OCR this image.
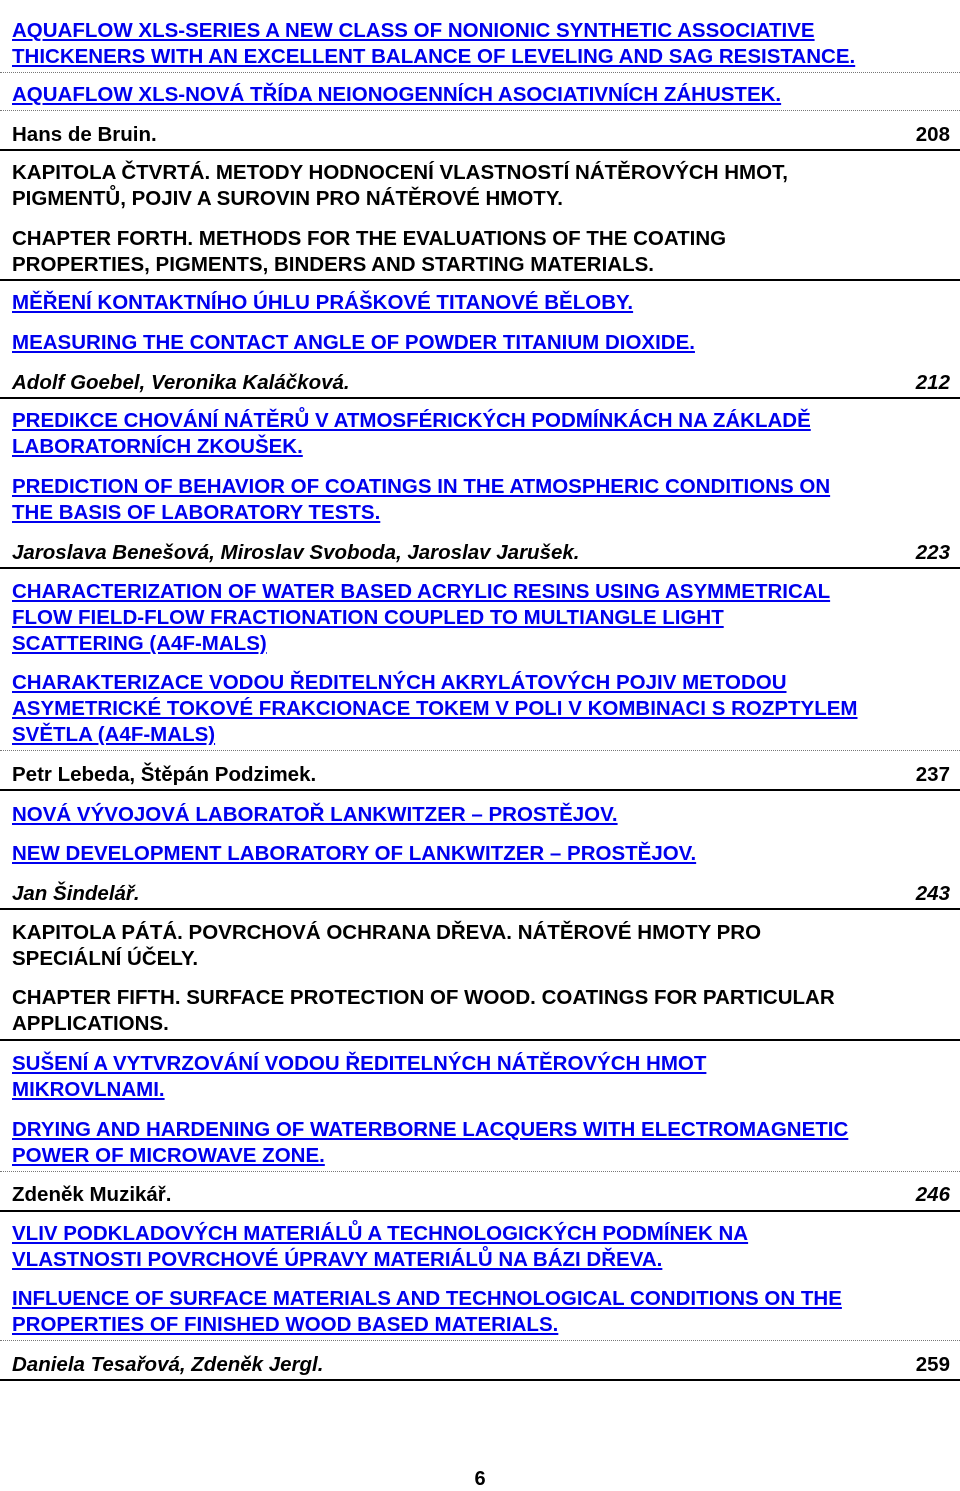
AQUAFLOW XLS-SERIES A NEW CLASS OF NONIONIC SYNTHETIC ASSOCIATIVE
THICKENERS WITH AN EXCELLENT BALANCE OF LEVELING AND SAG RESISTANCE.
AQUAFLOW XLS-NOVÁ TŘÍDA NEIONOGENNÍCH ASOCIATIVNÍCH ZÁHUSTEK.
Hans de Bruin.	208
KAPITOLA ČTVRTÁ. METODY HODNOCENÍ VLASTNOSTÍ NÁTĚROVÝCH HMOT,
PIGMENTŮ, POJIV A SUROVIN PRO NÁTĚROVÉ HMOTY.
CHAPTER FORTH. METHODS FOR THE EVALUATIONS OF THE COATING
PROPERTIES, PIGMENTS, BINDERS AND STARTING MATERIALS.
MĚŘENÍ KONTAKTNÍHO ÚHLU PRÁŠKOVÉ TITANOVÉ BĚLOBY.
MEASURING THE CONTACT ANGLE OF POWDER TITANIUM DIOXIDE.
Adolf Goebel, Veronika Kaláčková.	212
PREDIKCE CHOVÁNÍ NÁTĚRŮ V ATMOSFÉRICKÝCH PODMÍNKÁCH NA ZÁKLADĚ
LABORATORNÍCH ZKOUŠEK.
PREDICTION OF BEHAVIOR OF COATINGS IN THE ATMOSPHERIC CONDITIONS ON
THE BASIS OF LABORATORY TESTS.
Jaroslava Benešová, Miroslav Svoboda, Jaroslav Jarušek.	223
CHARACTERIZATION OF WATER BASED ACRYLIC RESINS USING ASYMMETRICAL
FLOW FIELD-FLOW FRACTIONATION COUPLED TO MULTIANGLE LIGHT
SCATTERING (A4F-MALS)
CHARAKTERIZACE VODOU ŘEDITELNÝCH AKRYLÁTOVÝCH POJIV METODOU
ASYMETRICKÉ TOKOVÉ FRAKCIONACE TOKEM V POLI V KOMBINACI S ROZPTYLEM
SVĚTLA (A4F-MALS)
Petr Lebeda, Štěpán Podzimek.	237
NOVÁ VÝVOJOVÁ LABORATOŘ LANKWITZER – PROSTĚJOV.
NEW DEVELOPMENT LABORATORY OF LANKWITZER – PROSTĚJOV.
Jan Šindelář.	243
KAPITOLA PÁTÁ. POVRCHOVÁ OCHRANA DŘEVA. NÁTĚROVÉ HMOTY PRO
SPECIÁLNÍ ÚČELY.
CHAPTER FIFTH. SURFACE PROTECTION OF WOOD. COATINGS FOR PARTICULAR
APPLICATIONS.
SUŠENÍ A VYTVRZOVÁNÍ VODOU ŘEDITELNÝCH NÁTĚROVÝCH HMOT
MIKROVLNAMI.
DRYING AND HARDENING OF WATERBORNE LACQUERS WITH ELECTROMAGNETIC
POWER OF MICROWAVE ZONE.
Zdeněk Muzikář.	246
VLIV PODKLADOVÝCH MATERIÁLŮ A TECHNOLOGICKÝCH PODMÍNEK NA
VLASTNOSTI POVRCHOVÉ ÚPRAVY MATERIÁLŮ NA BÁZI DŘEVA.
INFLUENCE OF SURFACE MATERIALS AND TECHNOLOGICAL CONDITIONS ON THE
PROPERTIES OF FINISHED WOOD BASED MATERIALS.
Daniela Tesařová, Zdeněk Jergl.	259
6
